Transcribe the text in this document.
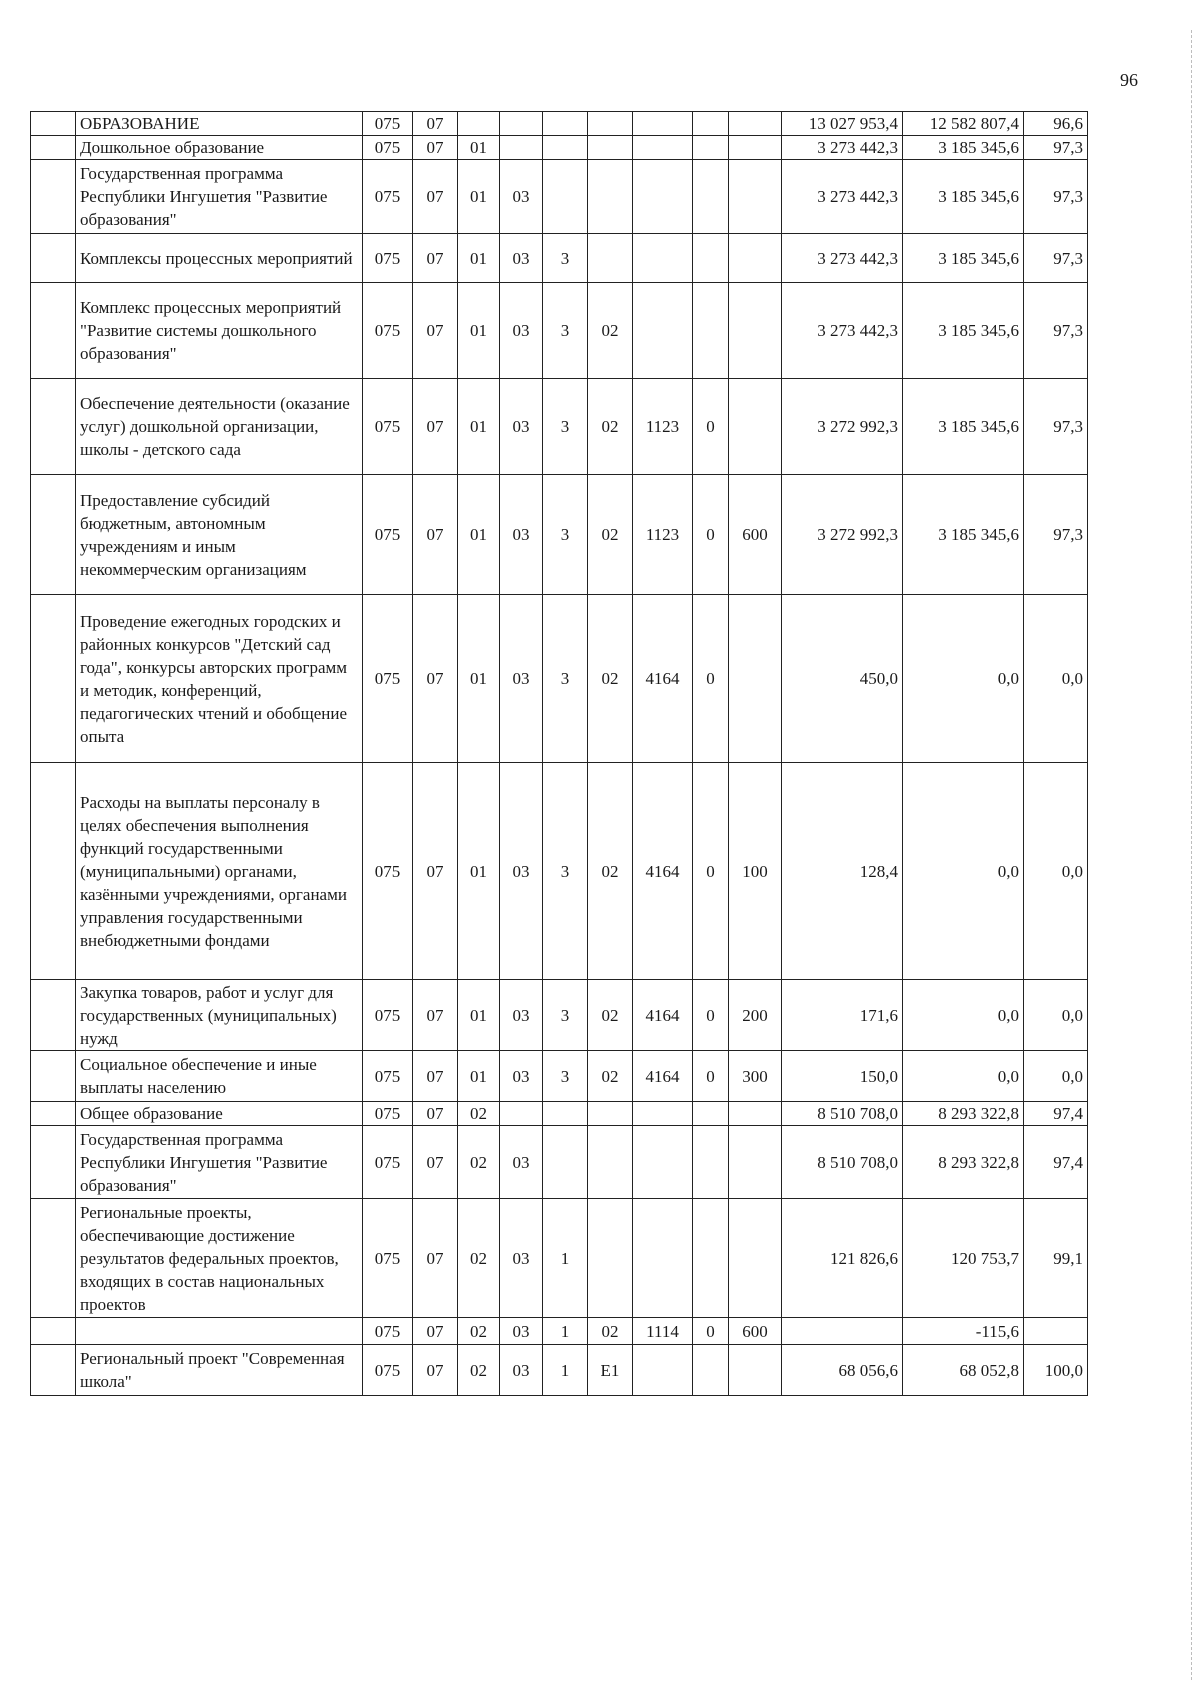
96
	ОБРАЗОВАНИЕ	075	07								13 027 953,4	12 582 807,4	96,6
	Дошкольное образование	075	07	01							3 273 442,3	3 185 345,6	97,3
	Государственная программа Республики Ингушетия "Развитие образования"	075	07	01	03						3 273 442,3	3 185 345,6	97,3
	Комплексы процессных мероприятий	075	07	01	03	3					3 273 442,3	3 185 345,6	97,3
	Комплекс процессных мероприятий "Развитие системы дошкольного образования"	075	07	01	03	3	02				3 273 442,3	3 185 345,6	97,3
	Обеспечение деятельности (оказание услуг) дошкольной организации, школы - детского сада	075	07	01	03	3	02	1123	0		3 272 992,3	3 185 345,6	97,3
	Предоставление субсидий бюджетным, автономным учреждениям и иным некоммерческим организациям	075	07	01	03	3	02	1123	0	600	3 272 992,3	3 185 345,6	97,3
	Проведение ежегодных городских и районных конкурсов "Детский сад года", конкурсы авторских программ и методик, конференций, педагогических чтений и обобщение опыта	075	07	01	03	3	02	4164	0		450,0	0,0	0,0
	Расходы на выплаты персоналу в целях обеспечения выполнения функций государственными (муниципальными) органами, казёнными учреждениями, органами управления государственными внебюджетными фондами	075	07	01	03	3	02	4164	0	100	128,4	0,0	0,0
	Закупка товаров, работ и услуг для государственных (муниципальных) нужд	075	07	01	03	3	02	4164	0	200	171,6	0,0	0,0
	Социальное обеспечение и иные выплаты населению	075	07	01	03	3	02	4164	0	300	150,0	0,0	0,0
	Общее образование	075	07	02							8 510 708,0	8 293 322,8	97,4
	Государственная программа Республики Ингушетия "Развитие образования"	075	07	02	03						8 510 708,0	8 293 322,8	97,4
	Региональные проекты, обеспечивающие достижение результатов федеральных проектов, входящих в состав национальных проектов	075	07	02	03	1					121 826,6	120 753,7	99,1
		075	07	02	03	1	02	1114	0	600		-115,6	
	Региональный проект "Современная школа"	075	07	02	03	1	E1				68 056,6	68 052,8	100,0
